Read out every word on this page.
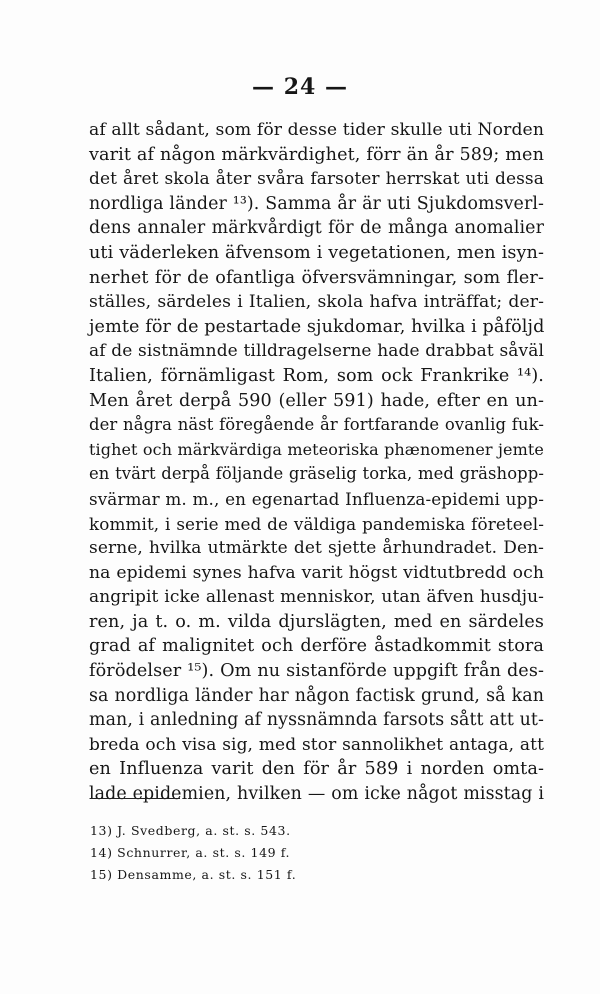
— 24 —
af allt sådant, som för desse tider skulle uti Norden
varit af någon märkvärdighet, förr än år 589; men
det året skola åter svåra farsoter herrskat uti dessa
nordliga länder ¹³). Samma år är uti Sjukdomsverl-
dens annaler märkvårdigt för de många anomalier
uti väderleken äfvensom i vegetationen, men isyn-
nerhet för de ofantliga öfversvämningar, som fler-
ställes, särdeles i Italien, skola hafva inträffat; der-
jemte för de pestartade sjukdomar, hvilka i påföljd
af de sistnämnde tilldragelserne hade drabbat såväl
Italien, förnämligast Rom, som ock Frankrike ¹⁴).
Men året derpå 590 (eller 591) hade, efter en un-
der några näst föregående år fortfarande ovanlig fuk-
tighet och märkvärdiga meteoriska phænomener jemte
en tvärt derpå följande gräselig torka, med gräshopp-
svärmar m. m., en egenartad Influenza-epidemi upp-
kommit, i serie med de väldiga pandemiska företeel-
serne, hvilka utmärkte det sjette århundradet. Den-
na epidemi synes hafva varit högst vidtutbredd och
angripit icke allenast menniskor, utan äfven husdju-
ren, ja t. o. m. vilda djurslägten, med en särdeles
grad af malignitet och derföre åstadkommit stora
förödelser ¹⁵). Om nu sistanförde uppgift från des-
sa nordliga länder har någon factisk grund, så kan
man, i anledning af nyssnämnda farsots sått att ut-
breda och visa sig, med stor sannolikhet antaga, att
en Influenza varit den för år 589 i norden omta-
lade epidemien, hvilken — om icke något misstag i
13) J. Svedberg, a. st. s. 543.
14) Schnurrer, a. st. s. 149 f.
15) Densamme, a. st. s. 151 f.
